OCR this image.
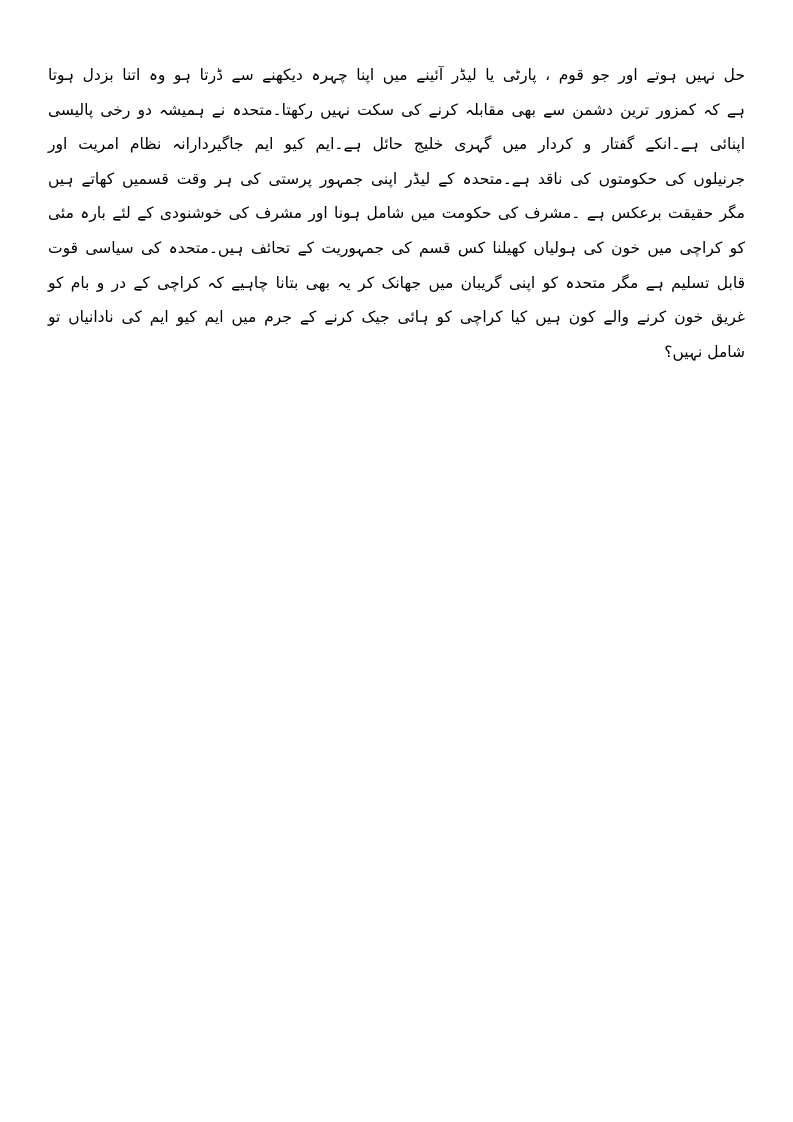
حل نہیں ہوتے اور جو قوم ، پارٹی یا لیڈر آئینے میں اپنا چہرہ دیکھنے سے ڈرتا ہو وہ اتنا بزدل ہوتا
ہے کہ کمزور ترین دشمن سے بھی مقابلہ کرنے کی سکت نہیں رکھتا۔متحدہ نے ہمیشہ دو رخی پالیسی
اپنائی ہے۔انکے گفتار و کردار میں گہری خلیج حائل ہے۔ایم کیو ایم جاگیردارانہ نظام امریت اور
جرنیلوں کی حکومتوں کی ناقد ہے۔متحدہ کے لیڈر اپنی جمہور پرستی کی ہر وقت قسمیں کھاتے ہیں
مگر حقیقت برعکس ہے ۔مشرف کی حکومت میں شامل ہونا اور مشرف کی خوشنودی کے لئے بارہ مئی
کو کراچی میں خون کی ہولیاں کھیلنا کس قسم کی جمہوریت کے تحائف ہیں۔متحدہ کی سیاسی قوت
قابل تسلیم ہے مگر متحدہ کو اپنی گریبان میں جھانک کر یہ بھی بتانا چاہیے کہ کراچی کے در و بام کو
غریق خون کرنے والے کون ہیں کیا کراچی کو ہائی جیک کرنے کے جرم میں ایم کیو ایم کی نادانیاں تو
شامل نہیں؟
